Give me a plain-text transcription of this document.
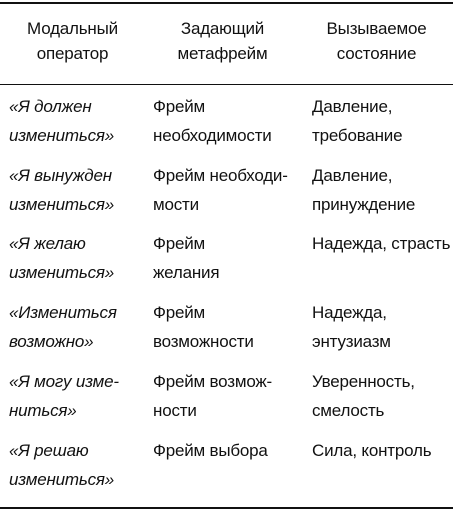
Модальный
оператор
Задающий
метафрейм
Вызываемое
состояние
«Я должен
измениться»
Фрейм
необходимости
Давление,
требование
«Я вынужден
измениться»
Фрейм необходи-
мости
Давление,
принуждение
«Я желаю
измениться»
Фрейм
желания
Надежда, страсть
«Измениться
возможно»
Фрейм
возможности
Надежда,
энтузиазм
«Я могу изме-
ниться»
Фрейм возмож-
ности
Уверенность,
смелость
«Я решаю
измениться»
Фрейм выбора	Сила, контроль
